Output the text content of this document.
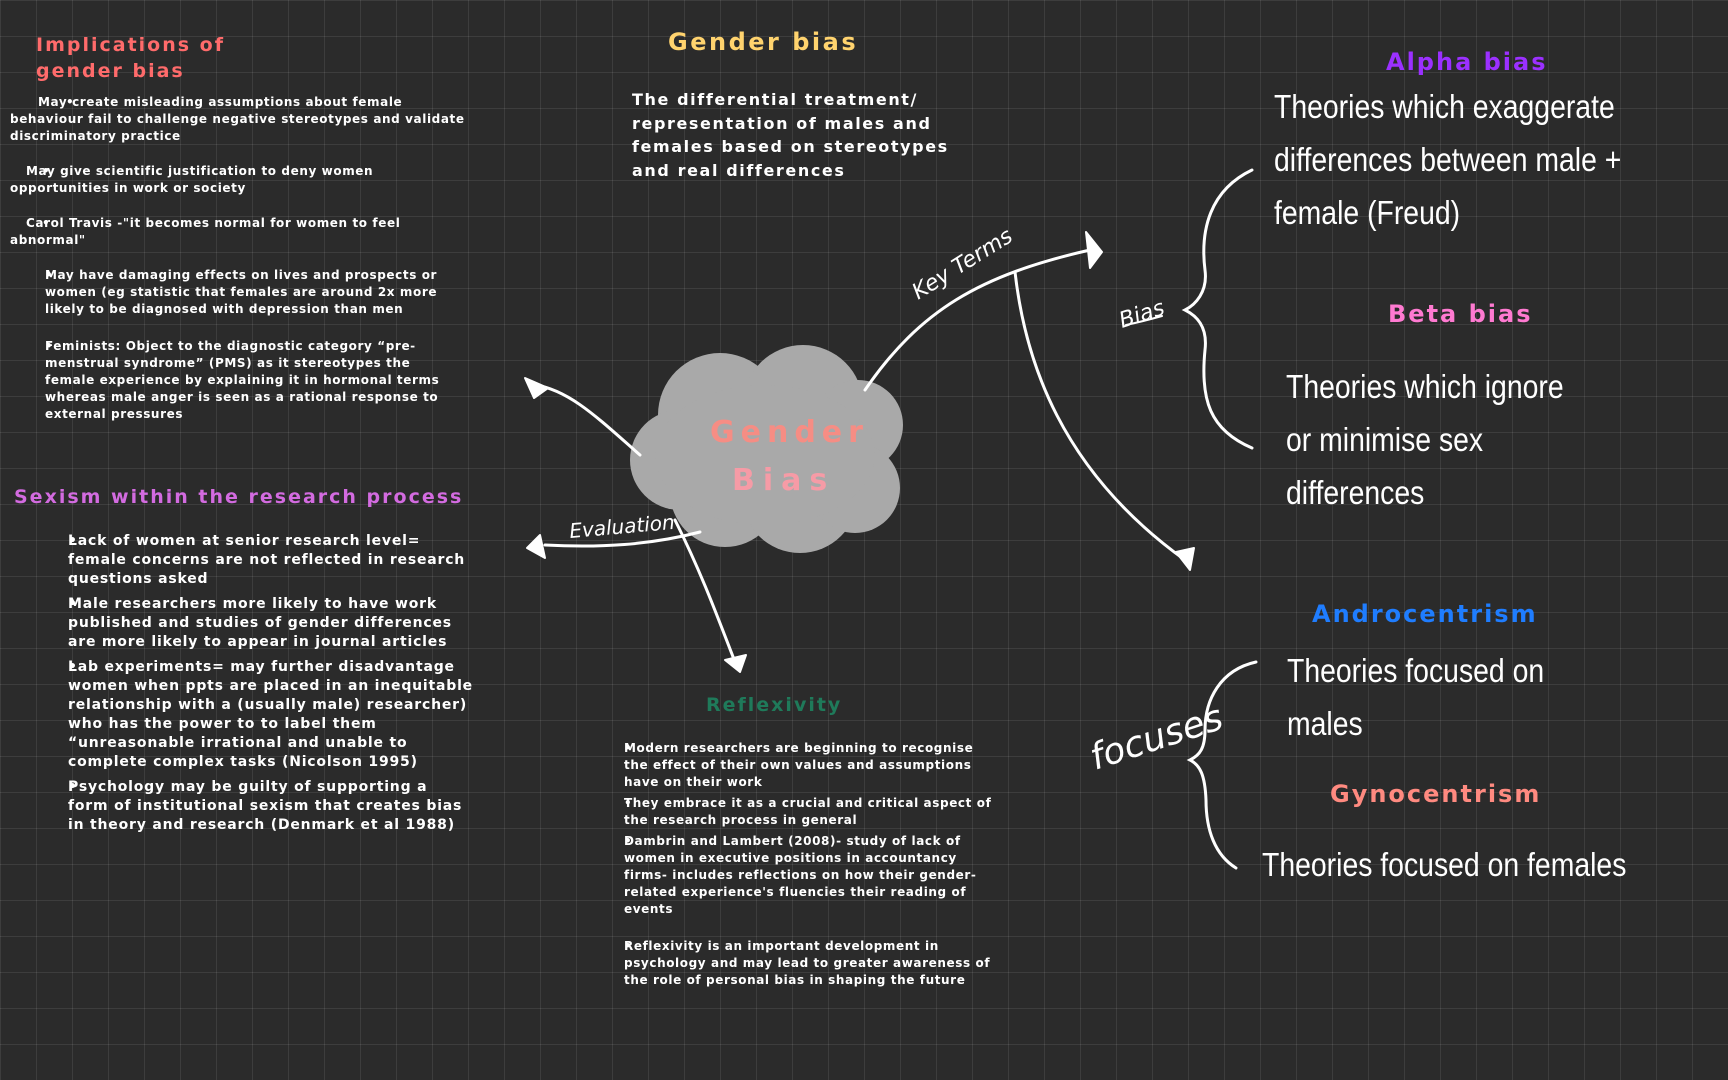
Gender
Bias
Key Terms
Evaluation
Bias
focuses
Implications of
gender bias
• May create misleading assumptions about female behaviour fail to challenge negative stereotypes and validate discriminatory practice
• May give scientific justification to deny women opportunities in work or society
• Carol Travis -"it becomes normal for women to feel abnormal"
• May have damaging effects on lives and prospects or women (eg statistic that females are around 2x more likely to be diagnosed with depression than men
• Feminists: Object to the diagnostic category “pre-menstrual syndrome” (PMS) as it stereotypes the female experience by explaining it in hormonal terms whereas male anger is seen as a rational response to external pressures
Sexism within the research process
• Lack of women at senior research level= female concerns are not reflected in research questions asked
• Male researchers more likely to have work published and studies of gender differences are more likely to appear in journal articles
• Lab experiments= may further disadvantage women when ppts are placed in an inequitable relationship with a (usually male) researcher) who has the power to to label them “unreasonable irrational and unable to complete complex tasks (Nicolson 1995)
• Psychology may be guilty of supporting a form of institutional sexism that creates bias in theory and research (Denmark et al 1988)
Gender bias
The differential treatment/ representation of males and females based on stereotypes and real differences
Reflexivity
• Modern researchers are beginning to recognise the effect of their own values and assumptions have on their work
• They embrace it as a crucial and critical aspect of the research process in general
• Dambrin and Lambert (2008)- study of lack of women in executive positions in accountancy firms- includes reflections on how their gender-related experience's fluencies their reading of events
• Reflexivity is an important development in psychology and may lead to greater awareness of the role of personal bias in shaping the future
Alpha bias
Theories which exaggerate
differences between male +
female (Freud)
Beta bias
Theories which ignore
or minimise sex
differences
Androcentrism
Theories focused on
males
Gynocentrism
Theories focused on females
